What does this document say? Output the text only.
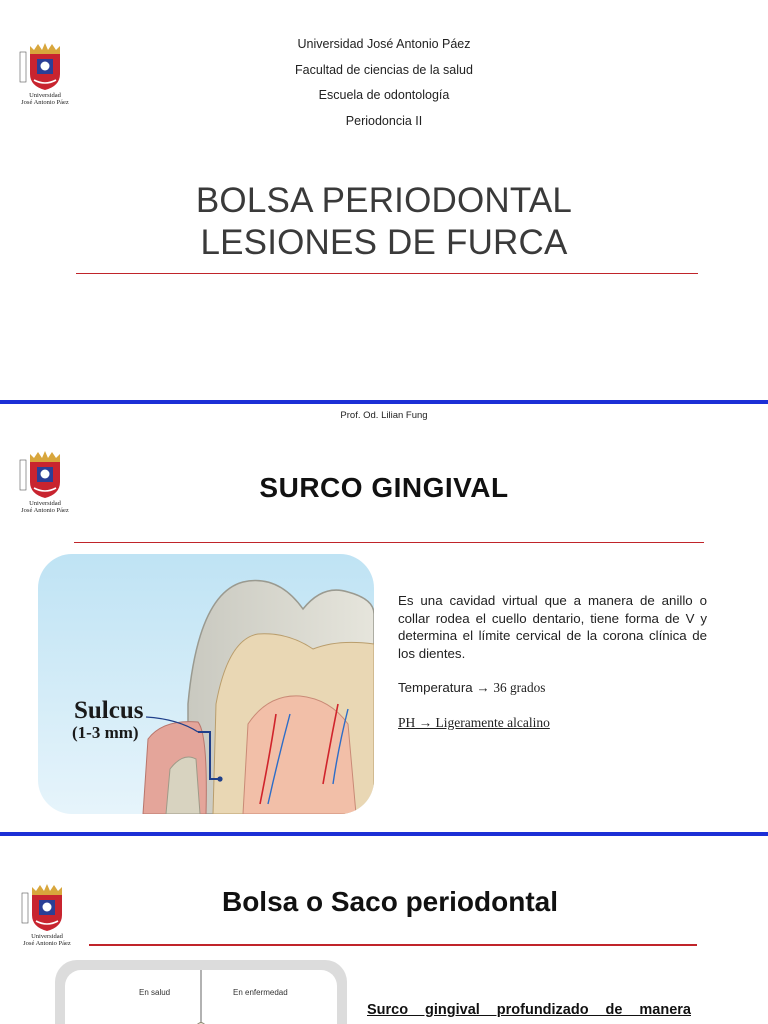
Universidad
José Antonio Páez
Universidad José Antonio Páez
Facultad de ciencias de la salud
Escuela de odontología
Periodoncia II
BOLSA PERIODONTAL
LESIONES DE FURCA
Prof. Od. Lilian Fung
Universidad
José Antonio Páez
SURCO GINGIVAL
Sulcus
(1-3 mm)

Es una cavidad virtual que a manera de anillo o collar rodea el cuello dentario, tiene forma de V y determina el límite cervical de la corona clínica de los dientes.

Temperatura → 36 grados

PH → Ligeramente alcalino

Universidad
José Antonio Páez
Bolsa o Saco periodontal
En salud	En enfermedad
Surco gingival profundizado de manera
